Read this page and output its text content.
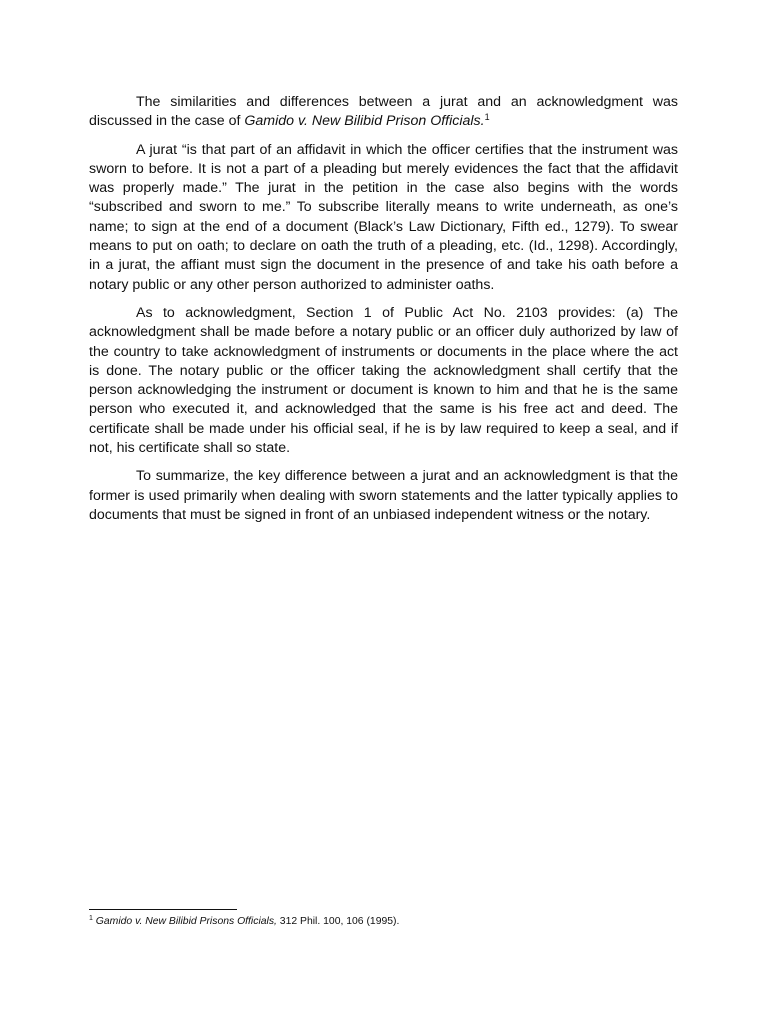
The similarities and differences between a jurat and an acknowledgment was discussed in the case of Gamido v. New Bilibid Prison Officials.$^1$

A jurat “is that part of an affidavit in which the officer certifies that the instrument was sworn to before. It is not a part of a pleading but merely evidences the fact that the affidavit was properly made.” The jurat in the petition in the case also begins with the words “subscribed and sworn to me.” To subscribe literally means to write underneath, as one’s name; to sign at the end of a document (Black’s Law Dictionary, Fifth ed., 1279). To swear means to put on oath; to declare on oath the truth of a pleading, etc. (Id., 1298). Accordingly, in a jurat, the affiant must sign the document in the presence of and take his oath before a notary public or any other person authorized to administer oaths.

As to acknowledgment, Section 1 of Public Act No. 2103 provides: (a) The acknowledgment shall be made before a notary public or an officer duly authorized by law of the country to take acknowledgment of instruments or documents in the place where the act is done. The notary public or the officer taking the acknowledgment shall certify that the person acknowledging the instrument or document is known to him and that he is the same person who executed it, and acknowledged that the same is his free act and deed. The certificate shall be made under his official seal, if he is by law required to keep a seal, and if not, his certificate shall so state.

To summarize, the key difference between a jurat and an acknowledgment is that the former is used primarily when dealing with sworn statements and the latter typically applies to documents that must be signed in front of an unbiased independent witness or the notary.

$^1$ Gamido v. New Bilibid Prisons Officials, 312 Phil. 100, 106 (1995).
